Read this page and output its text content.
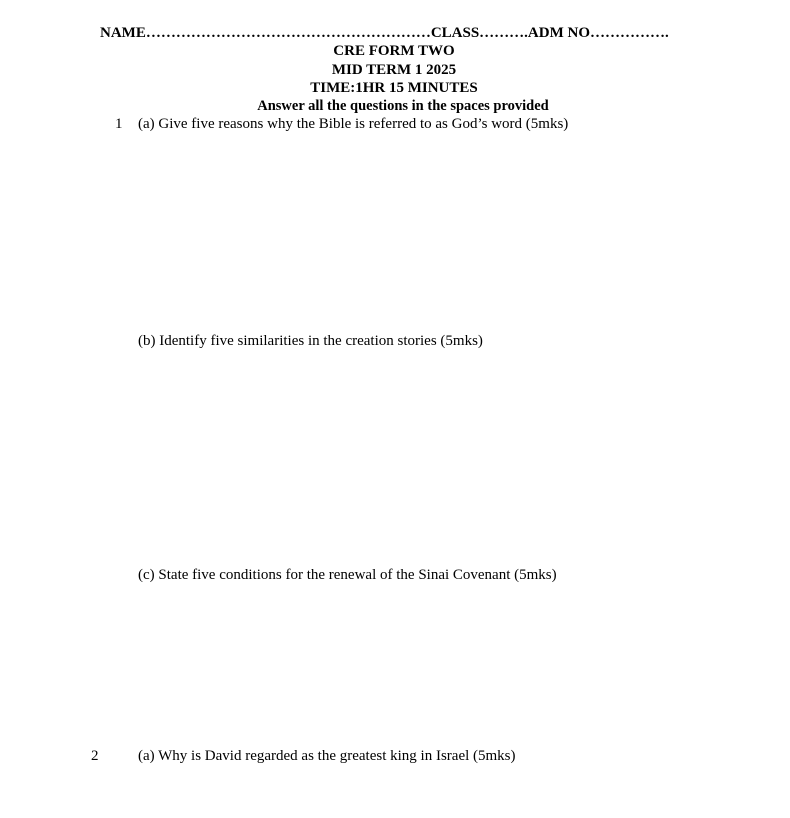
NAME…………………………………………………CLASS……….ADM NO…………….
CRE FORM TWO
MID TERM 1 2025
TIME:1HR 15 MINUTES
Answer all the questions in the spaces provided
1 (a) Give five reasons why the Bible is referred to as God’s word (5mks)
(b) Identify five similarities in the creation stories (5mks)
(c) State five conditions for the renewal of the Sinai Covenant (5mks)
2	(a) Why is David regarded as the greatest king in Israel (5mks)
